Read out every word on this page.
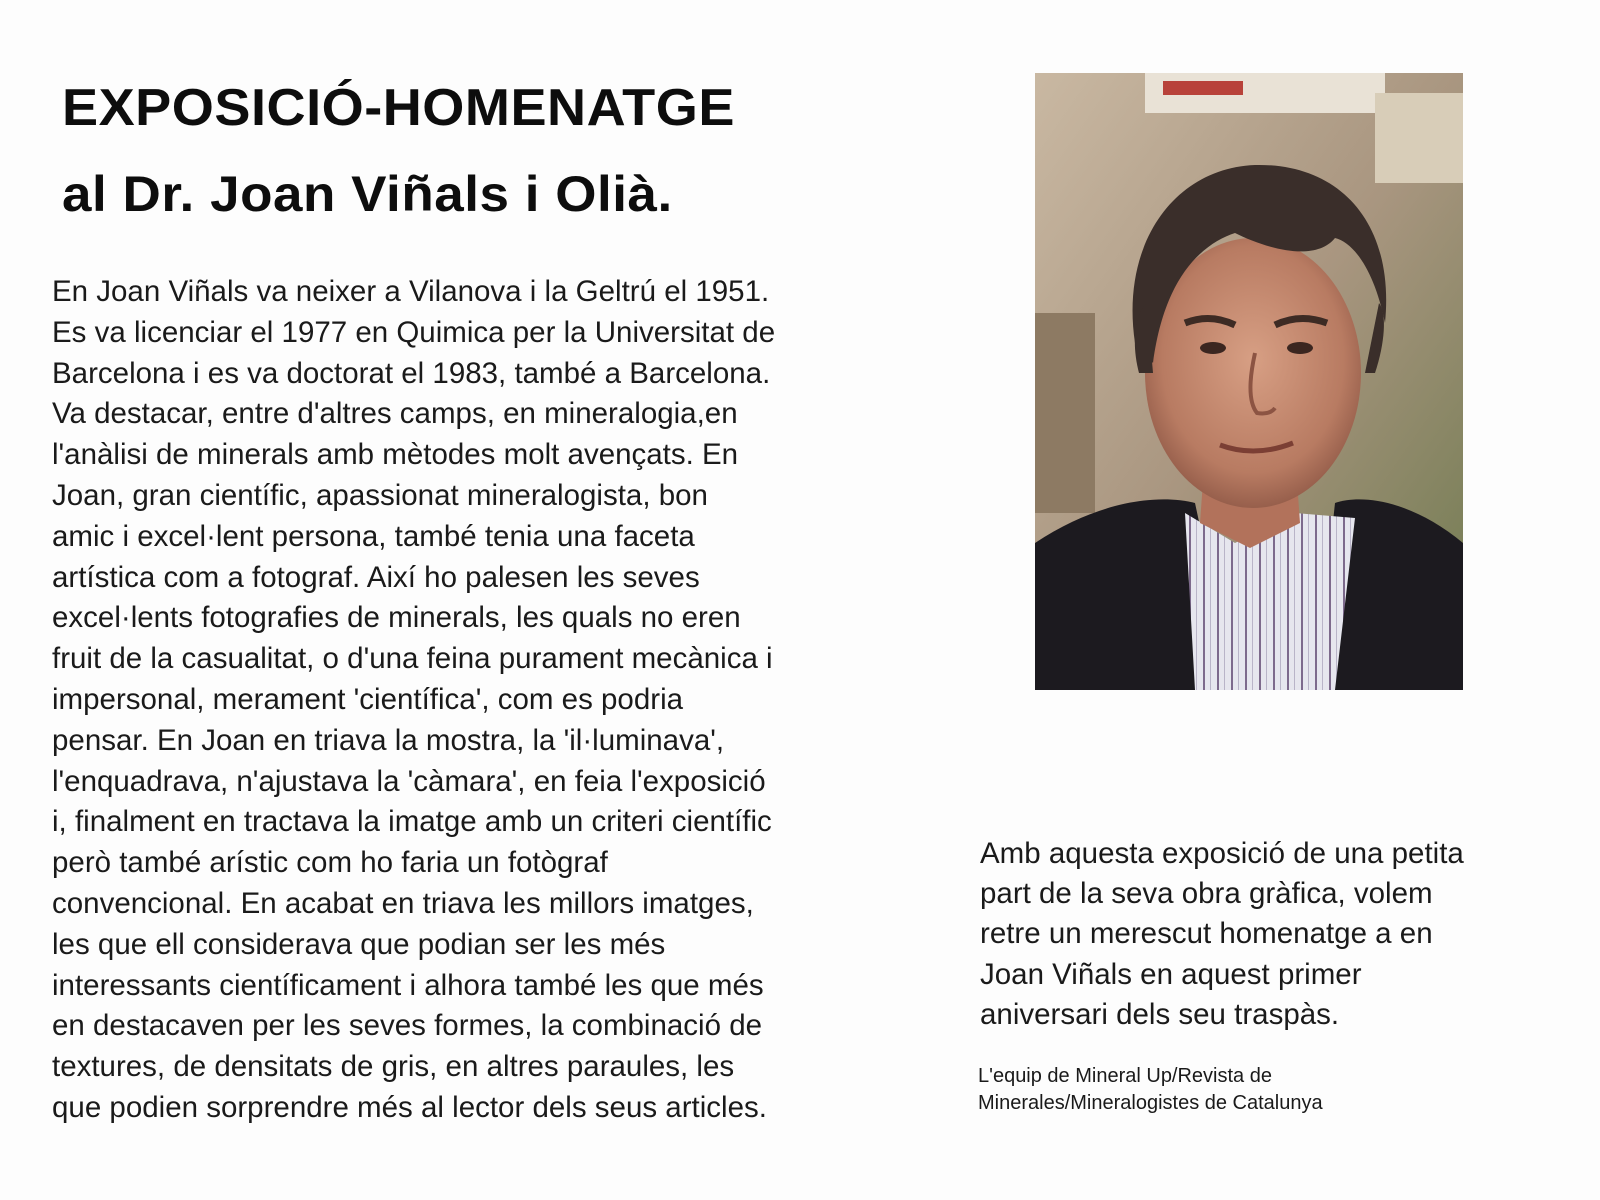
EXPOSICIÓ-HOMENATGE
al Dr. Joan Viñals i Olià.
En Joan Viñals va neixer a Vilanova i la Geltrú el 1951.
Es va licenciar el 1977 en Quimica per la Universitat de
Barcelona i es va doctorat el 1983, també a Barcelona.
Va destacar, entre d'altres camps, en mineralogia,en
l'anàlisi de minerals amb mètodes molt avençats. En
Joan, gran científic, apassionat mineralogista, bon
amic i excel·lent persona, també tenia una faceta
artística com a fotograf. Així ho palesen les seves
excel·lents fotografies de minerals, les quals no eren
fruit de la casualitat, o d'una feina purament mecànica i
impersonal, merament 'científica', com es podria
pensar. En Joan en triava la mostra, la 'il·luminava',
l'enquadrava, n'ajustava la 'càmara', en feia l'exposició
i, finalment en tractava la imatge amb un criteri científic
però també arístic com ho faria un fotògraf
convencional. En acabat en triava les millors imatges,
les que ell considerava que podian ser les més
interessants científicament i alhora també les que més
en destacaven per les seves formes, la combinació de
textures, de densitats de gris, en altres paraules, les
que podien sorprendre més al lector dels seus articles.
Amb aquesta exposició de una petita
part de la seva obra gràfica, volem
retre un merescut homenatge a en
Joan Viñals en aquest primer
aniversari dels seu traspàs.
L'equip de Mineral Up/Revista de
Minerales/Mineralogistes de Catalunya
